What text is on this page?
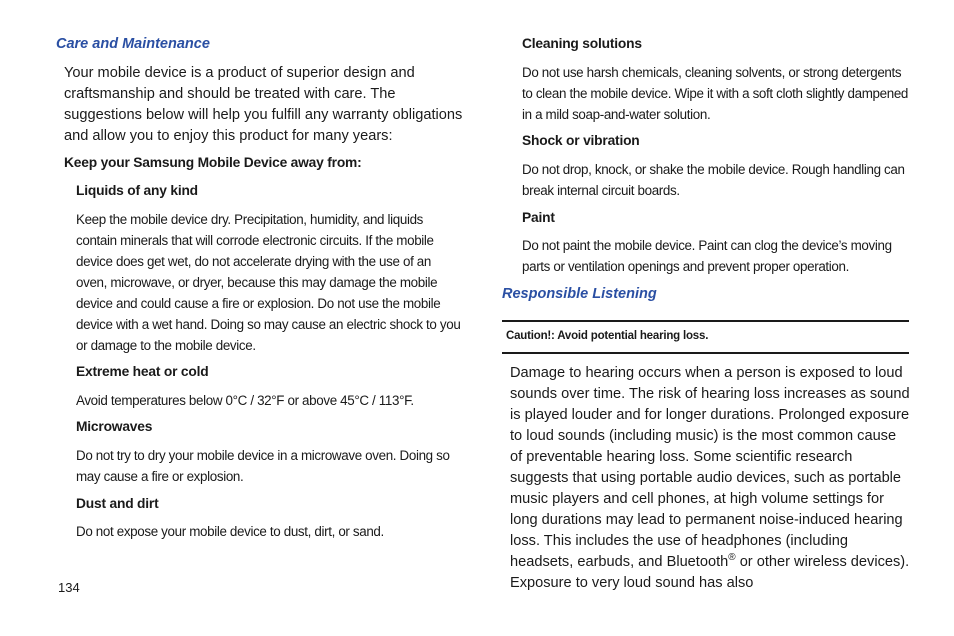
Care and Maintenance

Your mobile device is a product of superior design and craftsmanship and should be treated with care. The suggestions below will help you fulfill any warranty obligations and allow you to enjoy this product for many years:

Keep your Samsung Mobile Device away from:
Liquids of any kind

Keep the mobile device dry. Precipitation, humidity, and liquids contain minerals that will corrode electronic circuits. If the mobile device does get wet, do not accelerate drying with the use of an oven, microwave, or dryer, because this may damage the mobile device and could cause a fire or explosion. Do not use the mobile device with a wet hand. Doing so may cause an electric shock to you or damage to the mobile device.

Extreme heat or cold

Avoid temperatures below 0°C / 32°F or above 45°C / 113°F.

Microwaves

Do not try to dry your mobile device in a microwave oven. Doing so may cause a fire or explosion.

Dust and dirt

Do not expose your mobile device to dust, dirt, or sand.

Cleaning solutions

Do not use harsh chemicals, cleaning solvents, or strong detergents to clean the mobile device. Wipe it with a soft cloth slightly dampened in a mild soap-and-water solution.

Shock or vibration

Do not drop, knock, or shake the mobile device. Rough handling can break internal circuit boards.

Paint

Do not paint the mobile device. Paint can clog the device’s moving parts or ventilation openings and prevent proper operation.

Responsible Listening
Caution!: Avoid potential hearing loss.

Damage to hearing occurs when a person is exposed to loud sounds over time. The risk of hearing loss increases as sound is played louder and for longer durations. Prolonged exposure to loud sounds (including music) is the most common cause of preventable hearing loss. Some scientific research suggests that using portable audio devices, such as portable music players and cell phones, at high volume settings for long durations may lead to permanent noise-induced hearing loss. This includes the use of headphones (including headsets, earbuds, and Bluetooth® or other wireless devices). Exposure to very loud sound has also

134
